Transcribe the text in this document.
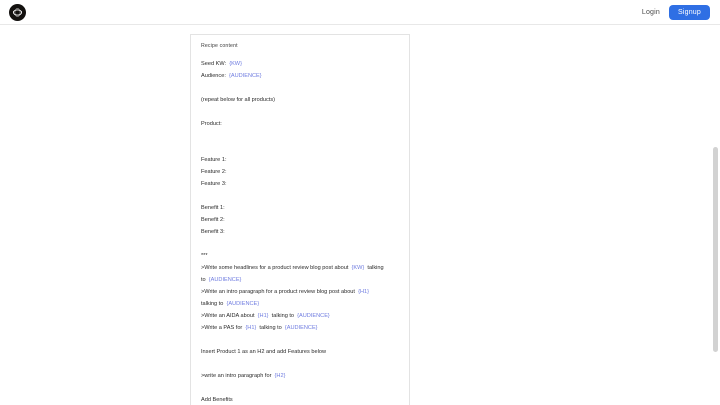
Login	Signup
Recipe content
Seed KW:  {KW}
Audience:  {AUDIENCE}
(repeat below for all products)
Product:
Feature 1:
Feature 2:
Feature 3:
Benefit 1:
Benefit 2:
Benefit 3:
***
>Write some headlines for a product review blog post about  {KW}  talking
to  {AUDIENCE}
>Write an intro paragraph for a product review blog post about  {H1}
talking to  {AUDIENCE}
>Write an AIDA about  {H1}  talking to  {AUDIENCE}
>Write a PAS for  {H1}  talking to  {AUDIENCE}
Insert Product 1 as an H2 and add Features below
>write an intro paragraph for  {H2}
Add Benefits
